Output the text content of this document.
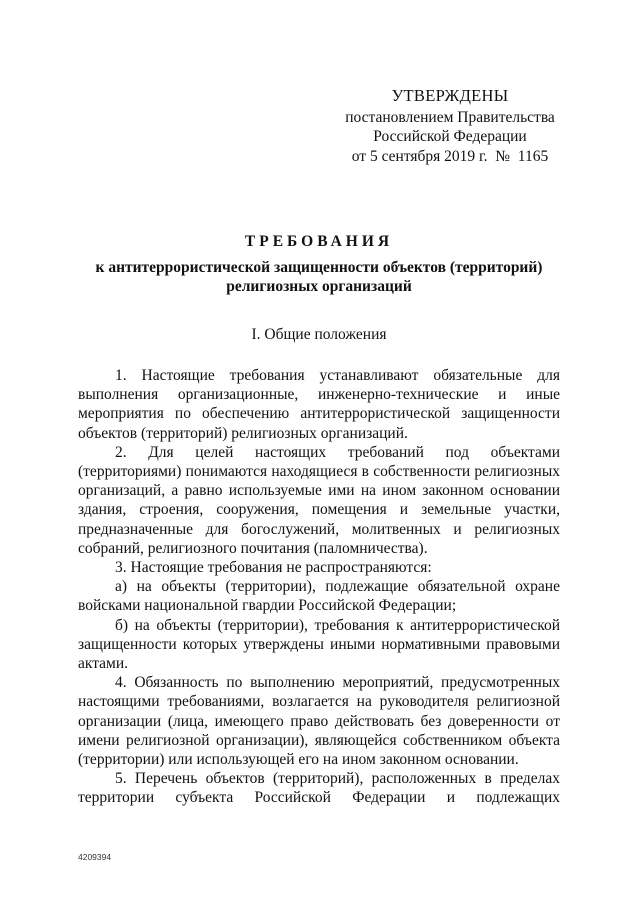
УТВЕРЖДЕНЫ
постановлением Правительства
Российской Федерации
от 5 сентября 2019 г.  №  1165
ТРЕБОВАНИЯ
к антитеррористической защищенности объектов (территорий)
религиозных организаций
I. Общие положения

1. Настоящие требования устанавливают обязательные для выполнения организационные, инженерно-технические и иные мероприятия по обеспечению антитеррористической защищенности объектов (территорий) религиозных организаций.

2. Для целей настоящих требований под объектами (территориями) понимаются находящиеся в собственности религиозных организаций, а равно используемые ими на ином законном основании здания, строения, сооружения, помещения и земельные участки, предназначенные для богослужений, молитвенных и религиозных собраний, религиозного почитания (паломничества).

3. Настоящие требования не распространяются:

а) на объекты (территории), подлежащие обязательной охране войсками национальной гвардии Российской Федерации;

б) на объекты (территории), требования к антитеррористической защищенности которых утверждены иными нормативными правовыми актами.

4. Обязанность по выполнению мероприятий, предусмотренных настоящими требованиями, возлагается на руководителя религиозной организации (лица, имеющего право действовать без доверенности от имени религиозной организации), являющейся собственником объекта (территории) или использующей его на ином законном основании.

5. Перечень объектов (территорий), расположенных в пределах территории субъекта Российской Федерации и подлежащих

4209394
